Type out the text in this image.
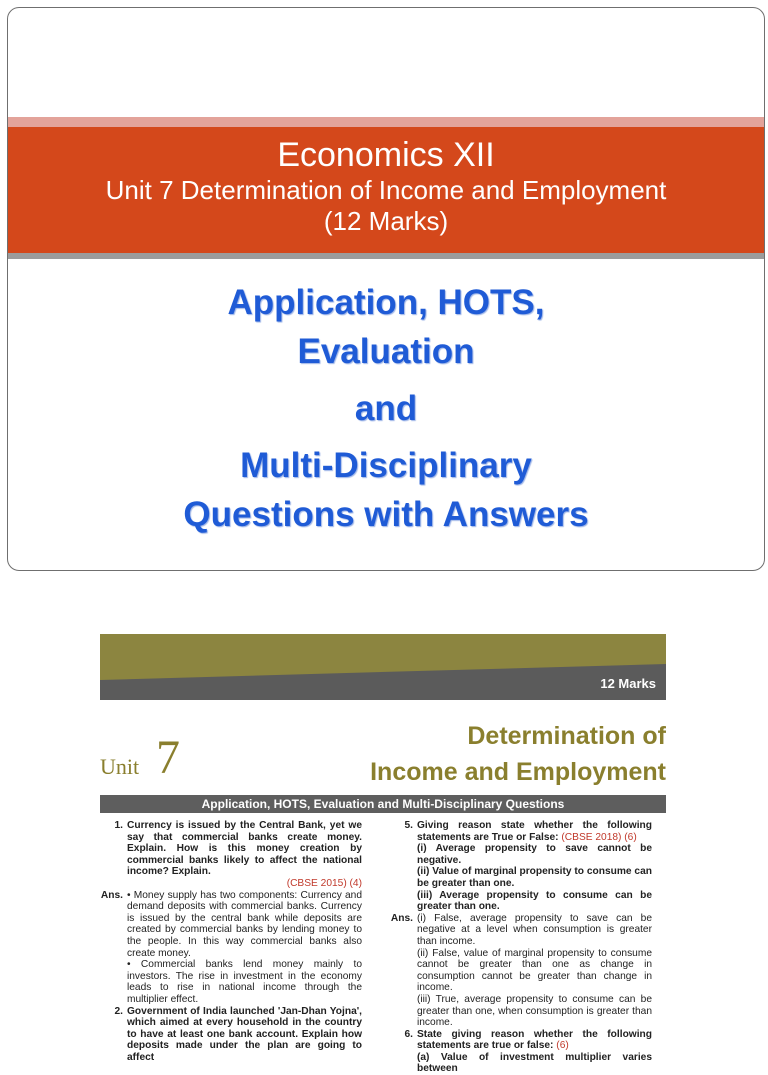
Economics XII
Unit 7 Determination of Income and Employment
(12 Marks)
Application, HOTS,
Evaluation
and
Multi-Disciplinary
Questions with Answers
12 Marks
Unit 7	Determination of
Income and Employment
Application, HOTS, Evaluation and Multi-Disciplinary Questions
1. Currency is issued by the Central Bank, yet we say that commercial banks create money. Explain. How is this money creation by commercial banks likely to affect the national income? Explain.
(CBSE 2015) (4)
Ans. • Money supply has two components: Currency and demand deposits with commercial banks. Currency is issued by the central bank while deposits are created by commercial banks by lending money to the people. In this way commercial banks also create money.
• Commercial banks lend money mainly to investors. The rise in investment in the economy leads to rise in national income through the multiplier effect.
2. Government of India launched 'Jan-Dhan Yojna', which aimed at every household in the country to have at least one bank account. Explain how deposits made under the plan are going to affect
5. Giving reason state whether the following statements are True or False: (CBSE 2018) (6)
(i) Average propensity to save cannot be negative.
(ii) Value of marginal propensity to consume can be greater than one.
(iii) Average propensity to consume can be greater than one.
Ans. (i) False, average propensity to save can be negative at a level when consumption is greater than income.
(ii) False, value of marginal propensity to consume cannot be greater than one as change in consumption cannot be greater than change in income.
(iii) True, average propensity to consume can be greater than one, when consumption is greater than income.
6. State giving reason whether the following statements are true or false: (6)
(a) Value of investment multiplier varies between
